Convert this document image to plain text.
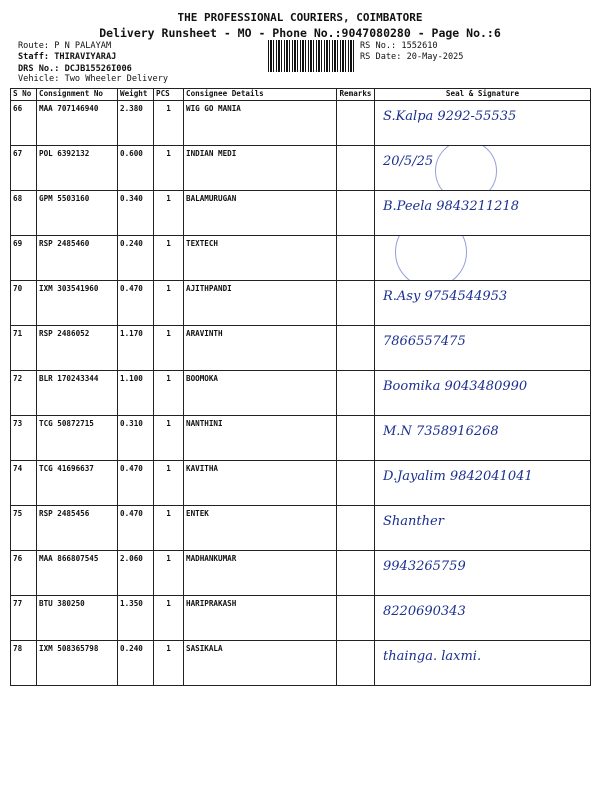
THE PROFESSIONAL COURIERS, COIMBATORE
Delivery Runsheet - MO - Phone No.:9047080280 - Page No.:6
Route: P N PALAYAM
Staff: THIRAVIYARAJ
DRS No.: DCJB15526I006
Vehicle: Two Wheeler Delivery
RS No.: 1552610
RS Date: 20-May-2025
S No	Consignment No	Weight	PCS	Consignee Details	Remarks	Seal & Signature
66	MAA 707146940	2.380	1	WIG GO MANIA		S.Kalpa 9292-55535

67	POL 6392132	0.600	1	INDIAN MEDI		20/5/25

68	GPM 5503160	0.340	1	BALAMURUGAN		B.Peela 9843211218

69	RSP 2485460	0.240	1	TEXTECH		

70	IXM 303541960	0.470	1	AJITHPANDI		R.Asy 9754544953

71	RSP 2486052	1.170	1	ARAVINTH		7866557475

72	BLR 170243344	1.100	1	BOOMOKA		Boomika 9043480990

73	TCG 50872715	0.310	1	NANTHINI		M.N 7358916268

74	TCG 41696637	0.470	1	KAVITHA		D.Jayalim 9842041041

75	RSP 2485456	0.470	1	ENTEK		Shanther

76	MAA 866807545	2.060	1	MADHANKUMAR		9943265759

77	BTU 380250	1.350	1	HARIPRAKASH		8220690343

78	IXM 508365798	0.240	1	SASIKALA		thainga. laxmi.
